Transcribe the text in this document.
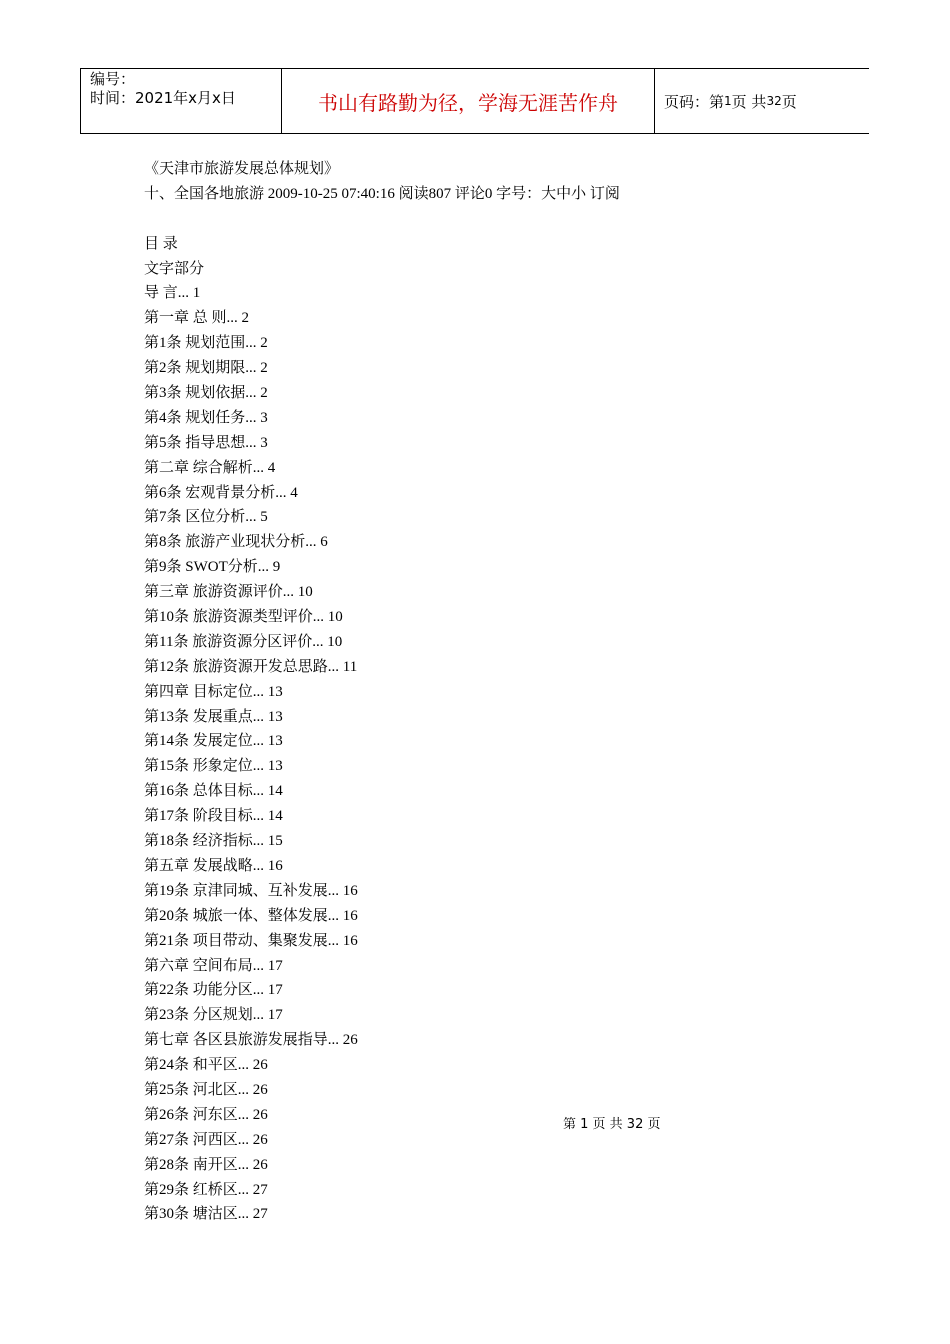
编号：
时间：2021年x月x日	书山有路勤为径，学海无涯苦作舟	页码：第 1 页 共 32 页
《天津市旅游发展总体规划》
十、全国各地旅游 2009-10-25 07:40:16 阅读807 评论0 字号：大中小 订阅
目 录
文字部分
导 言... 1
第一章 总 则... 2
第1条 规划范围... 2
第2条 规划期限... 2
第3条 规划依据... 2
第4条 规划任务... 3
第5条 指导思想... 3
第二章 综合解析... 4
第6条 宏观背景分析... 4
第7条 区位分析... 5
第8条 旅游产业现状分析... 6
第9条 SWOT分析... 9
第三章 旅游资源评价... 10
第10条 旅游资源类型评价... 10
第11条 旅游资源分区评价... 10
第12条 旅游资源开发总思路... 11
第四章 目标定位... 13
第13条 发展重点... 13
第14条 发展定位... 13
第15条 形象定位... 13
第16条 总体目标... 14
第17条 阶段目标... 14
第18条 经济指标... 15
第五章 发展战略... 16
第19条 京津同城、互补发展... 16
第20条 城旅一体、整体发展... 16
第21条 项目带动、集聚发展... 16
第六章 空间布局... 17
第22条 功能分区... 17
第23条 分区规划... 17
第七章 各区县旅游发展指导... 26
第24条 和平区... 26
第25条 河北区... 26
第26条 河东区... 26
第27条 河西区... 26
第28条 南开区... 26
第29条 红桥区... 27
第30条 塘沽区... 27
第 1 页 共 32 页
